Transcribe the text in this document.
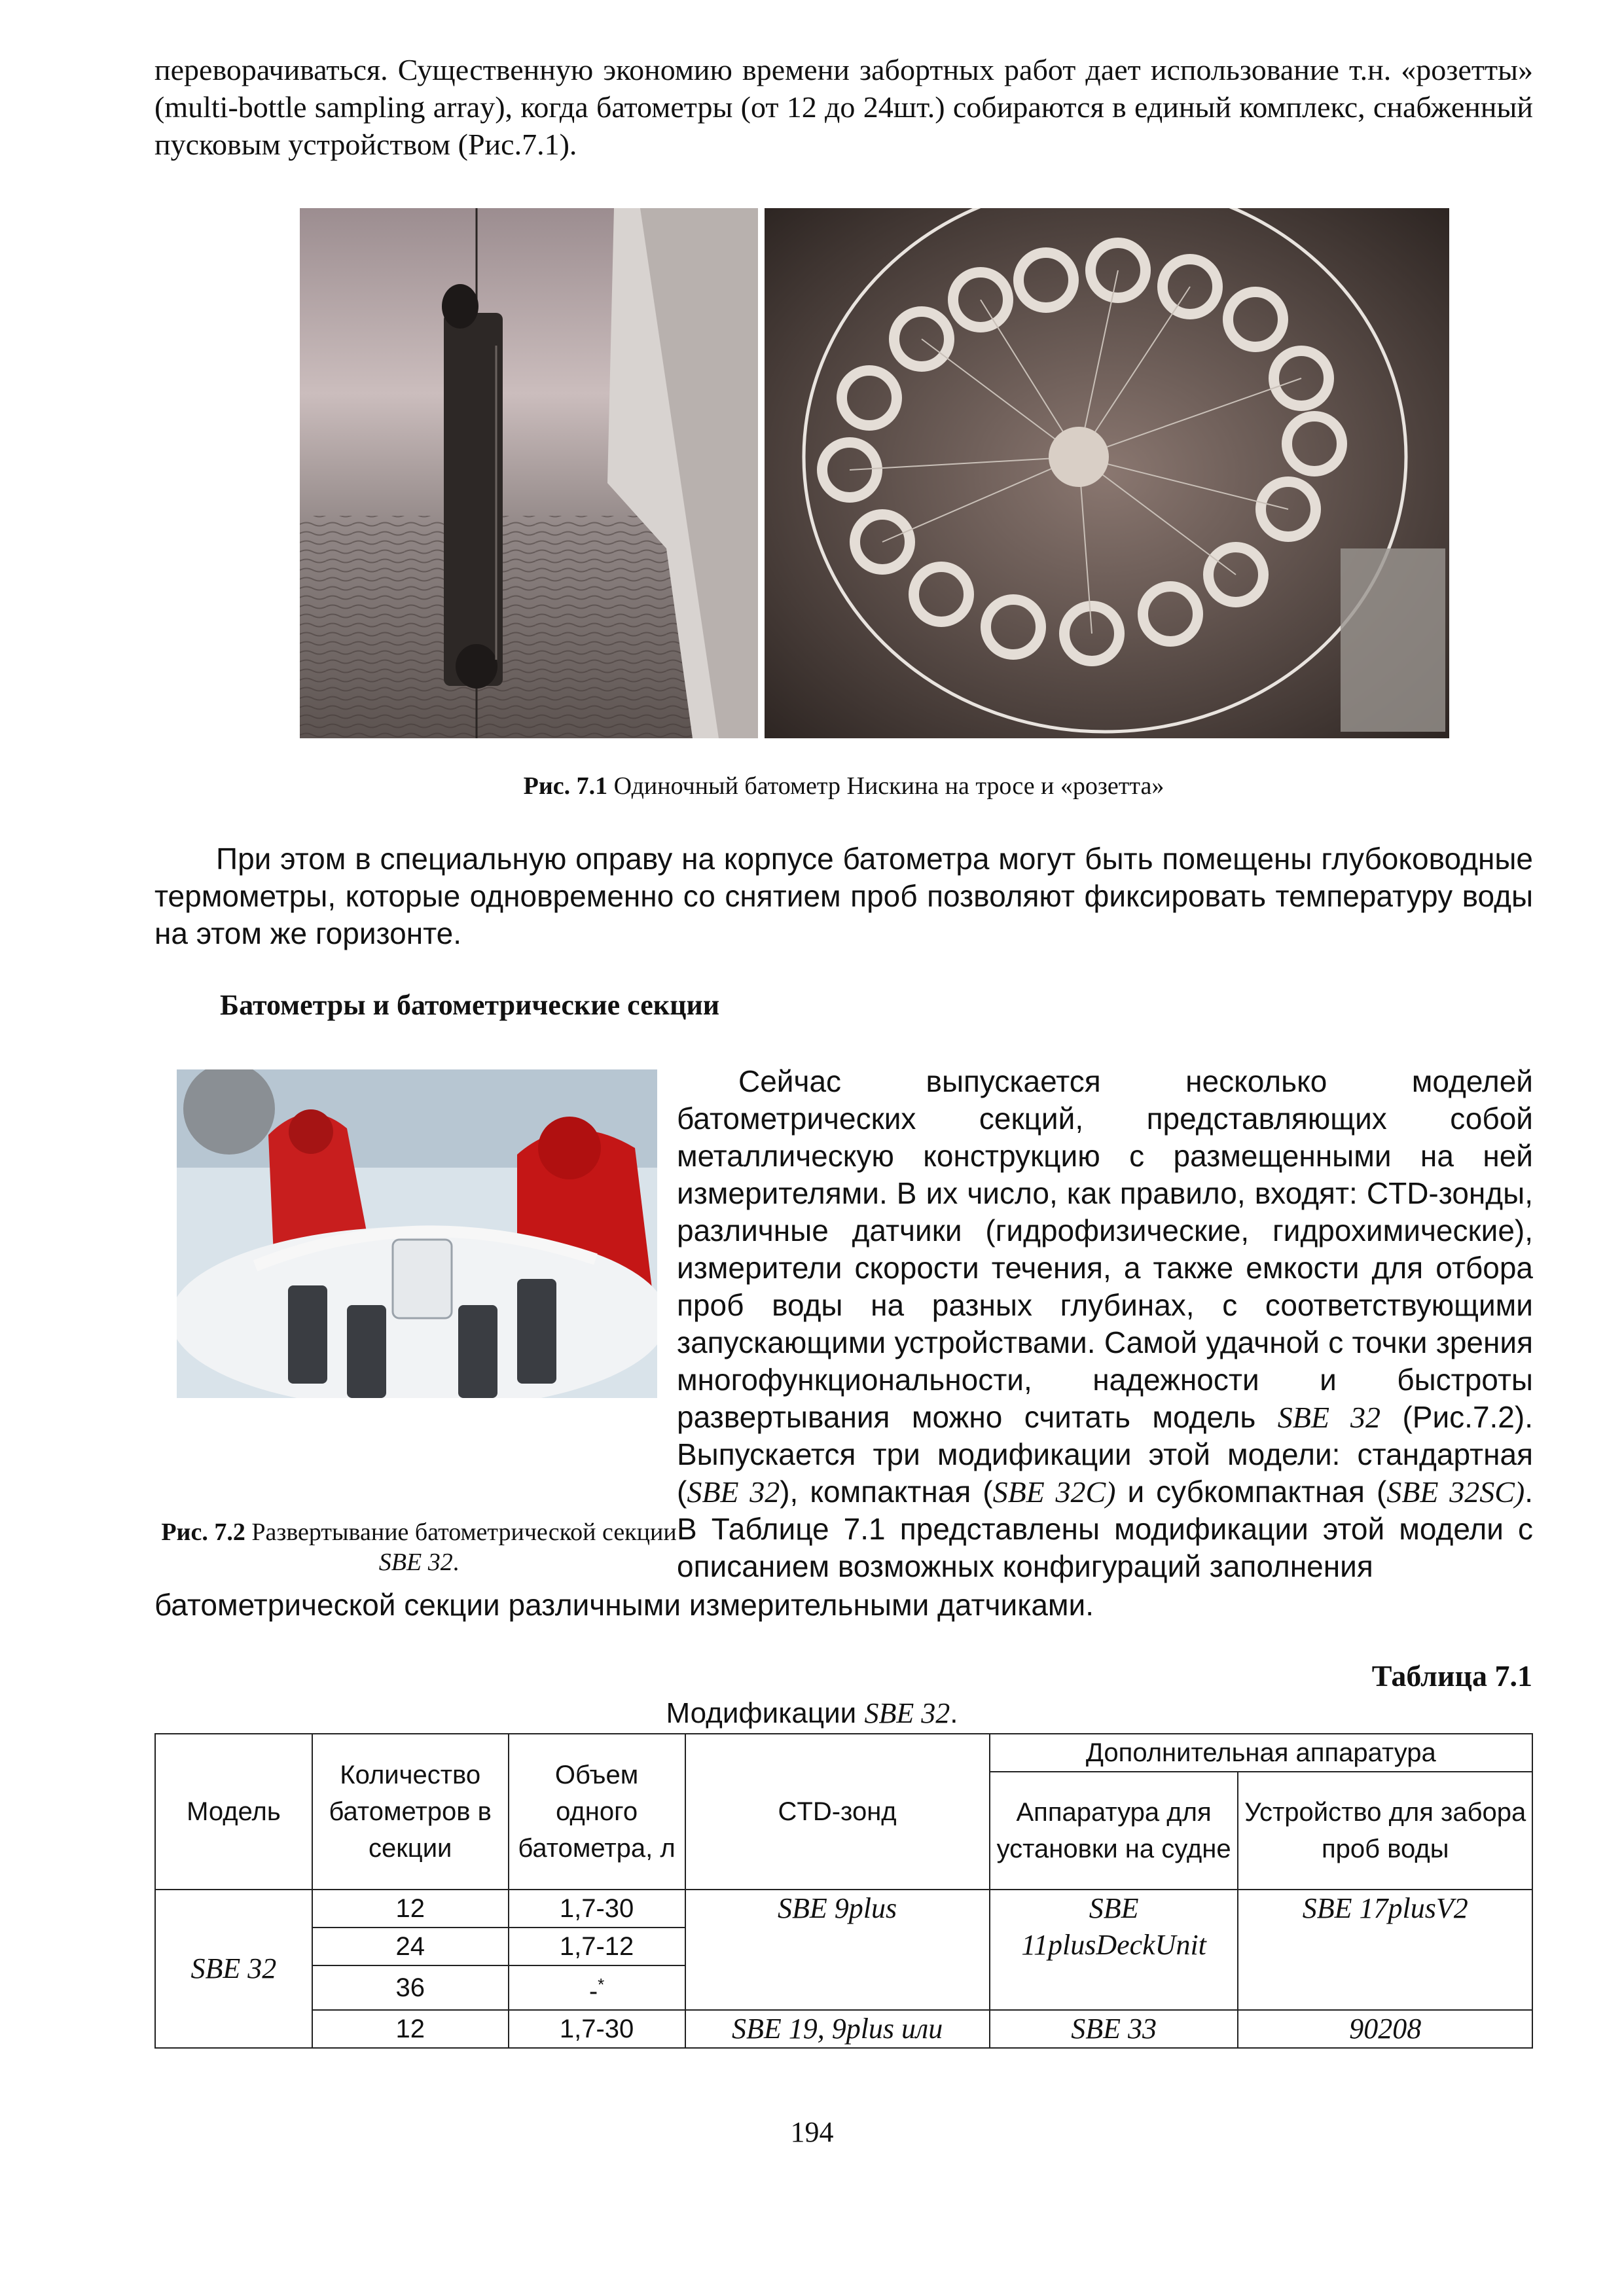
переворачиваться. Существенную экономию времени забортных работ дает использование т.н. «розетты» (multi-bottle sampling array), когда батометры (от 12 до 24шт.) собираются в единый комплекс, снабженный пусковым устройством (Рис.7.1).

Рис. 7.1 Одиночный батометр Нискина на тросе и «розетта»

При этом в специальную оправу на корпусе батометра могут быть помещены глубоководные термометры, которые одновременно со снятием проб позволяют фиксировать температуру воды на этом же горизонте.

Батометры и батометрические секции
Рис. 7.2 Развертывание батометрической секции SBE 32.

Сейчас выпускается несколько моделей батометрических секций, представляющих собой металлическую конструкцию с размещенными на ней измерителями. В их число, как правило, входят: CTD-зонды, различные датчики (гидрофизические, гидрохимические), измерители скорости течения, а также емкости для отбора проб воды на разных глубинах, с соответствующими запускающими устройствами. Самой удачной с точки зрения многофункциональности, надежности и быстроты развертывания можно считать модель SBE 32 (Рис.7.2). Выпускается три модификации этой модели: стандартная (SBE 32), компактная (SBE 32C) и субкомпактная (SBE 32SC). В Таблице 7.1 представлены модификации этой модели с описанием возможных конфигураций заполнения

батометрической секции различными измерительными датчиками.

Таблица 7.1
Модификации SBE 32.
Модель	Количество батометров в секции	Объем одного батометра, л	CTD-зонд	Дополнительная аппаратура	
				Аппаратура для установки на судне	Устройство для забора проб воды
SBE 32	12	1,7-30	SBE 9plus	SBE 11plusDeckUnit	SBE 17plusV2
	24	1,7-12			
	36	-*
	12	1,7-30	SBE 19, 9plus или	SBE 33	90208
194
